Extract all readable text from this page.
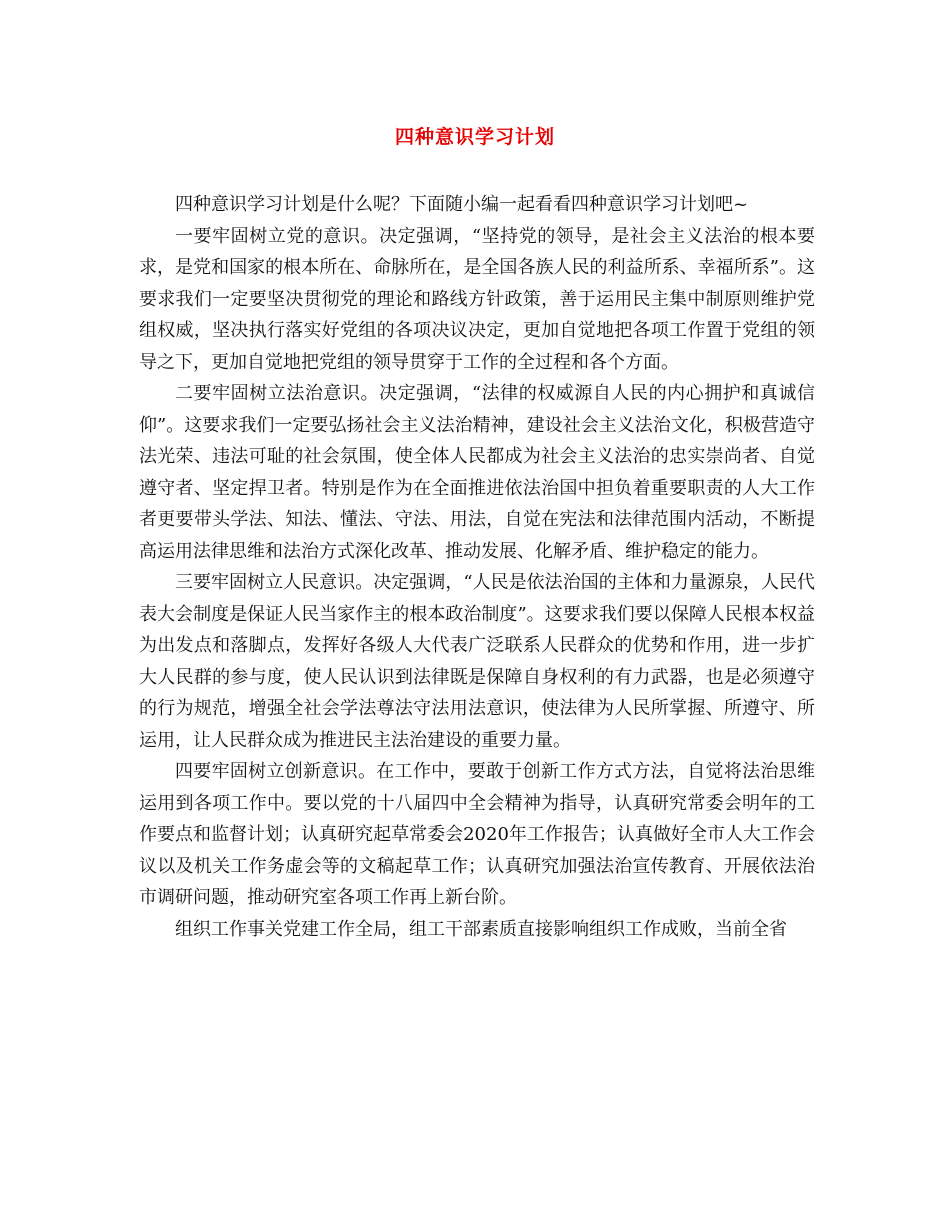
四种意识学习计划

四种意识学习计划是什么呢？下面随小编一起看看四种意识学习计划吧~

一要牢固树立党的意识。决定强调，“坚持党的领导，是社会主义法治的根本要求，是党和国家的根本所在、命脉所在，是全国各族人民的利益所系、幸福所系”。这要求我们一定要坚决贯彻党的理论和路线方针政策，善于运用民主集中制原则维护党组权威，坚决执行落实好党组的各项决议决定，更加自觉地把各项工作置于党组的领导之下，更加自觉地把党组的领导贯穿于工作的全过程和各个方面。

二要牢固树立法治意识。决定强调，“法律的权威源自人民的内心拥护和真诚信仰”。这要求我们一定要弘扬社会主义法治精神，建设社会主义法治文化，积极营造守法光荣、违法可耻的社会氛围，使全体人民都成为社会主义法治的忠实崇尚者、自觉遵守者、坚定捍卫者。特别是作为在全面推进依法治国中担负着重要职责的人大工作者更要带头学法、知法、懂法、守法、用法，自觉在宪法和法律范围内活动，不断提高运用法律思维和法治方式深化改革、推动发展、化解矛盾、维护稳定的能力。

三要牢固树立人民意识。决定强调，“人民是依法治国的主体和力量源泉，人民代表大会制度是保证人民当家作主的根本政治制度”。这要求我们要以保障人民根本权益为出发点和落脚点，发挥好各级人大代表广泛联系人民群众的优势和作用，进一步扩大人民群的参与度，使人民认识到法律既是保障自身权利的有力武器，也是必须遵守的行为规范，增强全社会学法尊法守法用法意识，使法律为人民所掌握、所遵守、所运用，让人民群众成为推进民主法治建设的重要力量。

四要牢固树立创新意识。在工作中，要敢于创新工作方式方法，自觉将法治思维运用到各项工作中。要以党的十八届四中全会精神为指导，认真研究常委会明年的工作要点和监督计划；认真研究起草常委会2020年工作报告；认真做好全市人大工作会议以及机关工作务虚会等的文稿起草工作；认真研究加强法治宣传教育、开展依法治市调研问题，推动研究室各项工作再上新台阶。

组织工作事关党建工作全局，组工干部素质直接影响组织工作成败，当前全省
